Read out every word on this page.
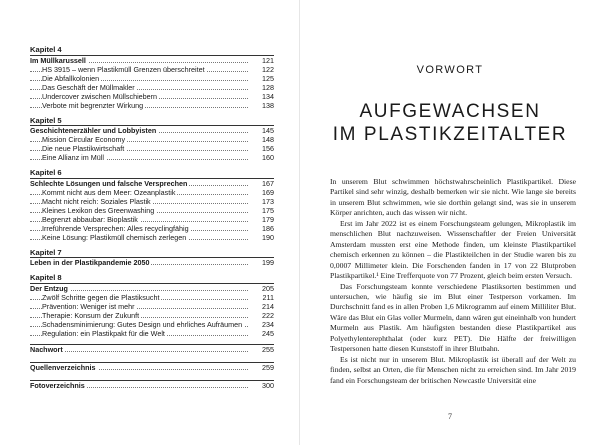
Kapitel 4
Im Müllkarussell	121
HS 3915 – wenn Plastikmüll Grenzen überschreitet	122
Die Abfallkolonien	125
Das Geschäft der Müllmakler	128
Undercover zwischen Müllschiebern	134
Verbote mit begrenzter Wirkung	138
Kapitel 5
Geschichtenerzähler und Lobbyisten	145
Mission Circular Economy	148
Die neue Plastikwirtschaft	156
Eine Allianz im Müll	160
Kapitel 6
Schlechte Lösungen und falsche Versprechen	167
Kommt nicht aus dem Meer: Ozeanplastik	169
Macht nicht reich: Soziales Plastik	173
Kleines Lexikon des Greenwashing	175
Begrenzt abbaubar: Bioplastik	179
Irreführende Versprechen: Alles recyclingfähig	186
Keine Lösung: Plastikmüll chemisch zerlegen	190
Kapitel 7
Leben in der Plastikpandemie 2050	199
Kapitel 8
Der Entzug	205
Zwölf Schritte gegen die Plastiksucht	211
Prävention: Weniger ist mehr	214
Therapie: Konsum der Zukunft	222
Schadensminimierung: Gutes Design und ehrliches Aufräumen	234
Regulation: ein Plastikpakt für die Welt	245
Nachwort	255
Quellenverzeichnis	259
Fotoverzeichnis	300
VORWORT
AUFGEWACHSEN
IM PLASTIKZEITALTER

In unserem Blut schwimmen höchstwahrscheinlich Plastikpartikel. Diese Partikel sind sehr winzig, deshalb bemerken wir sie nicht. Wie lange sie bereits in unserem Blut schwimmen, wie sie dorthin gelangt sind, was sie in unserem Körper anrichten, auch das wissen wir nicht.

Erst im Jahr 2022 ist es einem Forschungsteam gelungen, Mikroplastik im menschlichen Blut nachzuweisen. Wissenschaftler der Freien Universität Amsterdam mussten erst eine Methode finden, um kleinste Plastikpartikel chemisch erkennen zu können – die Plastikteilchen in der Studie waren bis zu 0,0007 Millimeter klein. Die Forschenden fanden in 17 von 22 Blutproben Plastikpartikel.¹ Eine Trefferquote von 77 Prozent, gleich beim ersten Versuch.

Das Forschungsteam konnte verschiedene Plastiksorten bestimmen und untersuchen, wie häufig sie im Blut einer Testperson vorkamen. Im Durchschnitt fand es in allen Proben 1,6 Mikrogramm auf einem Milliliter Blut. Wäre das Blut ein Glas voller Murmeln, dann wären gut eineinhalb von hundert Murmeln aus Plastik. Am häufigsten bestanden diese Plastikpartikel aus Polyethylenterephthalat (oder kurz PET). Die Hälfte der freiwilligen Testpersonen hatte diesen Kunststoff in ihrer Blutbahn.

Es ist nicht nur in unserem Blut. Mikroplastik ist überall auf der Welt zu finden, selbst an Orten, die für Menschen nicht zu erreichen sind. Im Jahr 2019 fand ein Forschungsteam der britischen Newcastle Universität eine

7
